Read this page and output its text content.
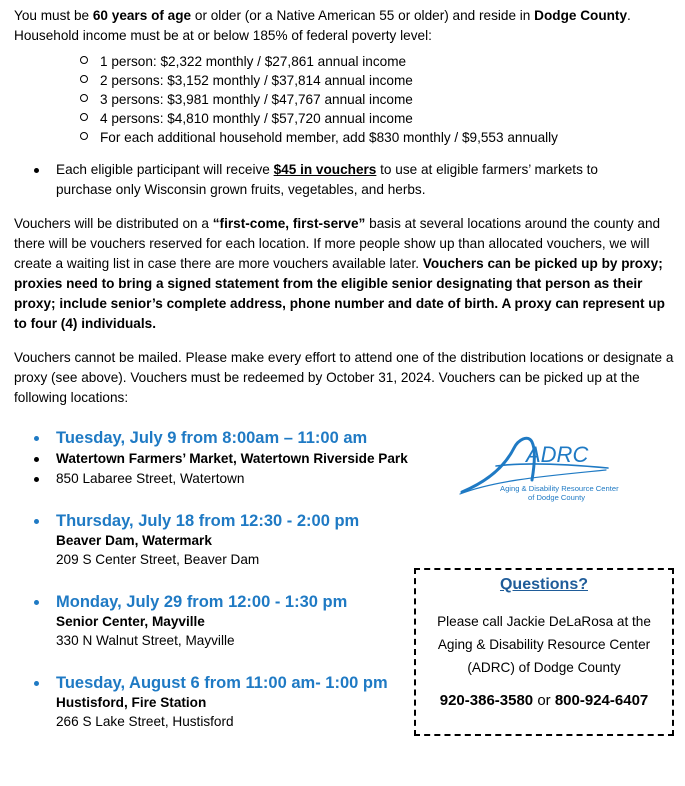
You must be 60 years of age or older (or a Native American 55 or older) and reside in Dodge County.
Household income must be at or below 185% of federal poverty level:
1 person: $2,322 monthly / $27,861 annual income
2 persons: $3,152 monthly / $37,814 annual income
3 persons: $3,981 monthly / $47,767 annual income
4 persons: $4,810 monthly / $57,720 annual income
For each additional household member, add $830 monthly / $9,553 annually
Each eligible participant will receive $45 in vouchers to use at eligible farmers’ markets to
purchase only Wisconsin grown fruits, vegetables, and herbs.

Vouchers will be distributed on a “first-come, first-serve” basis at several locations around the county and there will be vouchers reserved for each location. If more people show up than allocated vouchers, we will create a waiting list in case there are more vouchers available later. Vouchers can be picked up by proxy; proxies need to bring a signed statement from the eligible senior designating that person as their proxy; include senior’s complete address, phone number and date of birth. A proxy can represent up to four (4) individuals.

Vouchers cannot be mailed. Please make every effort to attend one of the distribution locations or designate a proxy (see above). Vouchers must be redeemed by October 31, 2024. Vouchers can be picked up at the following locations:

Tuesday, July 9 from 8:00am – 11:00 am
Watertown Farmers’ Market, Watertown Riverside Park
850 Labaree Street, Watertown
Thursday, July 18 from 12:30 - 2:00 pm
Beaver Dam, Watermark
209 S Center Street, Beaver Dam
Monday, July 29 from 12:00 - 1:30 pm
Senior Center, Mayville
330 N Walnut Street, Mayville
Tuesday, August 6 from 11:00 am- 1:00 pm
Hustisford, Fire Station
266 S Lake Street, Hustisford
ADRC
Aging & Disability Resource Center
of Dodge County
Questions?
Please call Jackie DeLaRosa at the
Aging & Disability Resource Center
(ADRC) of Dodge County
920-386-3580 or 800-924-6407
